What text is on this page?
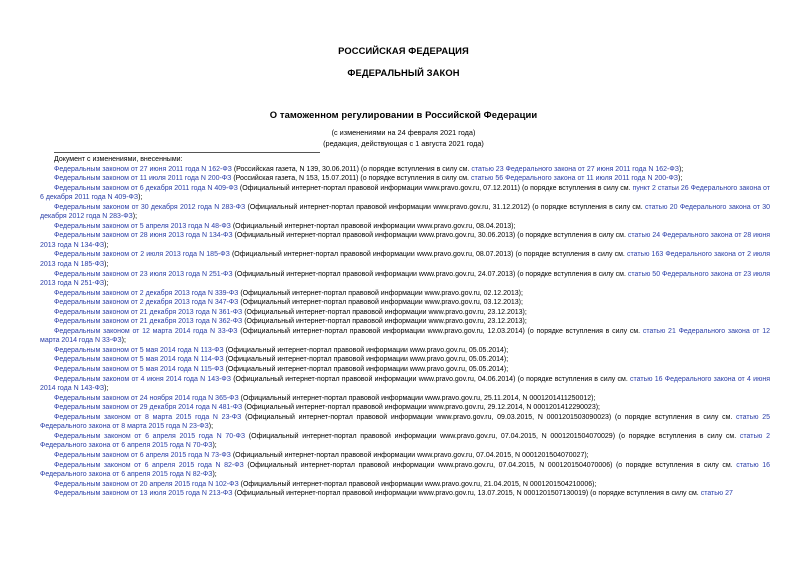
РОССИЙСКАЯ ФЕДЕРАЦИЯ
ФЕДЕРАЛЬНЫЙ ЗАКОН
О таможенном регулировании в Российской Федерации
(с изменениями на 24 февраля 2021 года)
(редакция, действующая с 1 августа 2021 года)
Документ с изменениями, внесенными:
Федеральным законом от 27 июня 2011 года N 162-ФЗ (Российская газета, N 139, 30.06.2011) (о порядке вступления в силу см. статью 23 Федерального закона от 27 июня 2011 года N 162-ФЗ);
Федеральным законом от 11 июля 2011 года N 200-ФЗ (Российская газета, N 153, 15.07.2011) (о порядке вступления в силу см. статью 56 Федерального закона от 11 июля 2011 года N 200-ФЗ);
Федеральным законом от 6 декабря 2011 года N 409-ФЗ (Официальный интернет-портал правовой информации www.pravo.gov.ru, 07.12.2011) (о порядке вступления в силу см. пункт 2 статьи 26 Федерального закона от 6 декабря 2011 года N 409-ФЗ);
Федеральным законом от 30 декабря 2012 года N 283-ФЗ (Официальный интернет-портал правовой информации www.pravo.gov.ru, 31.12.2012) (о порядке вступления в силу см. статью 20 Федерального закона от 30 декабря 2012 года N 283-ФЗ);
Федеральным законом от 5 апреля 2013 года N 48-ФЗ (Официальный интернет-портал правовой информации www.pravo.gov.ru, 08.04.2013);
Федеральным законом от 28 июня 2013 года N 134-ФЗ (Официальный интернет-портал правовой информации www.pravo.gov.ru, 30.06.2013) (о порядке вступления в силу см. статью 24 Федерального закона от 28 июня 2013 года N 134-ФЗ);
Федеральным законом от 2 июля 2013 года N 185-ФЗ (Официальный интернет-портал правовой информации www.pravo.gov.ru, 08.07.2013) (о порядке вступления в силу см. статью 163 Федерального закона от 2 июля 2013 года N 185-ФЗ);
Федеральным законом от 23 июля 2013 года N 251-ФЗ (Официальный интернет-портал правовой информации www.pravo.gov.ru, 24.07.2013) (о порядке вступления в силу см. статью 50 Федерального закона от 23 июля 2013 года N 251-ФЗ);
Федеральным законом от 2 декабря 2013 года N 339-ФЗ (Официальный интернет-портал правовой информации www.pravo.gov.ru, 02.12.2013);
Федеральным законом от 2 декабря 2013 года N 347-ФЗ (Официальный интернет-портал правовой информации www.pravo.gov.ru, 03.12.2013);
Федеральным законом от 21 декабря 2013 года N 361-ФЗ (Официальный интернет-портал правовой информации www.pravo.gov.ru, 23.12.2013);
Федеральным законом от 21 декабря 2013 года N 362-ФЗ (Официальный интернет-портал правовой информации www.pravo.gov.ru, 23.12.2013);
Федеральным законом от 12 марта 2014 года N 33-ФЗ (Официальный интернет-портал правовой информации www.pravo.gov.ru, 12.03.2014) (о порядке вступления в силу см. статью 21 Федерального закона от 12 марта 2014 года N 33-ФЗ);
Федеральным законом от 5 мая 2014 года N 113-ФЗ (Официальный интернет-портал правовой информации www.pravo.gov.ru, 05.05.2014);
Федеральным законом от 5 мая 2014 года N 114-ФЗ (Официальный интернет-портал правовой информации www.pravo.gov.ru, 05.05.2014);
Федеральным законом от 5 мая 2014 года N 115-ФЗ (Официальный интернет-портал правовой информации www.pravo.gov.ru, 05.05.2014);
Федеральным законом от 4 июня 2014 года N 143-ФЗ (Официальный интернет-портал правовой информации www.pravo.gov.ru, 04.06.2014) (о порядке вступления в силу см. статью 16 Федерального закона от 4 июня 2014 года N 143-ФЗ);
Федеральным законом от 24 ноября 2014 года N 365-ФЗ (Официальный интернет-портал правовой информации www.pravo.gov.ru, 25.11.2014, N 0001201411250012);
Федеральным законом от 29 декабря 2014 года N 481-ФЗ (Официальный интернет-портал правовой информации www.pravo.gov.ru, 29.12.2014, N 0001201412290023);
Федеральным законом от 8 марта 2015 года N 23-ФЗ (Официальный интернет-портал правовой информации www.pravo.gov.ru, 09.03.2015, N 0001201503090023) (о порядке вступления в силу см. статью 25 Федерального закона от 8 марта 2015 года N 23-ФЗ);
Федеральным законом от 6 апреля 2015 года N 70-ФЗ (Официальный интернет-портал правовой информации www.pravo.gov.ru, 07.04.2015, N 0001201504070029) (о порядке вступления в силу см. статью 2 Федерального закона от 6 апреля 2015 года N 70-ФЗ);
Федеральным законом от 6 апреля 2015 года N 73-ФЗ (Официальный интернет-портал правовой информации www.pravo.gov.ru, 07.04.2015, N 0001201504070027);
Федеральным законом от 6 апреля 2015 года N 82-ФЗ (Официальный интернет-портал правовой информации www.pravo.gov.ru, 07.04.2015, N 0001201504070006) (о порядке вступления в силу см. статью 16 Федерального закона от 6 апреля 2015 года N 82-ФЗ);
Федеральным законом от 20 апреля 2015 года N 102-ФЗ (Официальный интернет-портал правовой информации www.pravo.gov.ru, 21.04.2015, N 0001201504210006);
Федеральным законом от 13 июля 2015 года N 213-ФЗ (Официальный интернет-портал правовой информации www.pravo.gov.ru, 13.07.2015, N 0001201507130019) (о порядке вступления в силу см. статью 27
